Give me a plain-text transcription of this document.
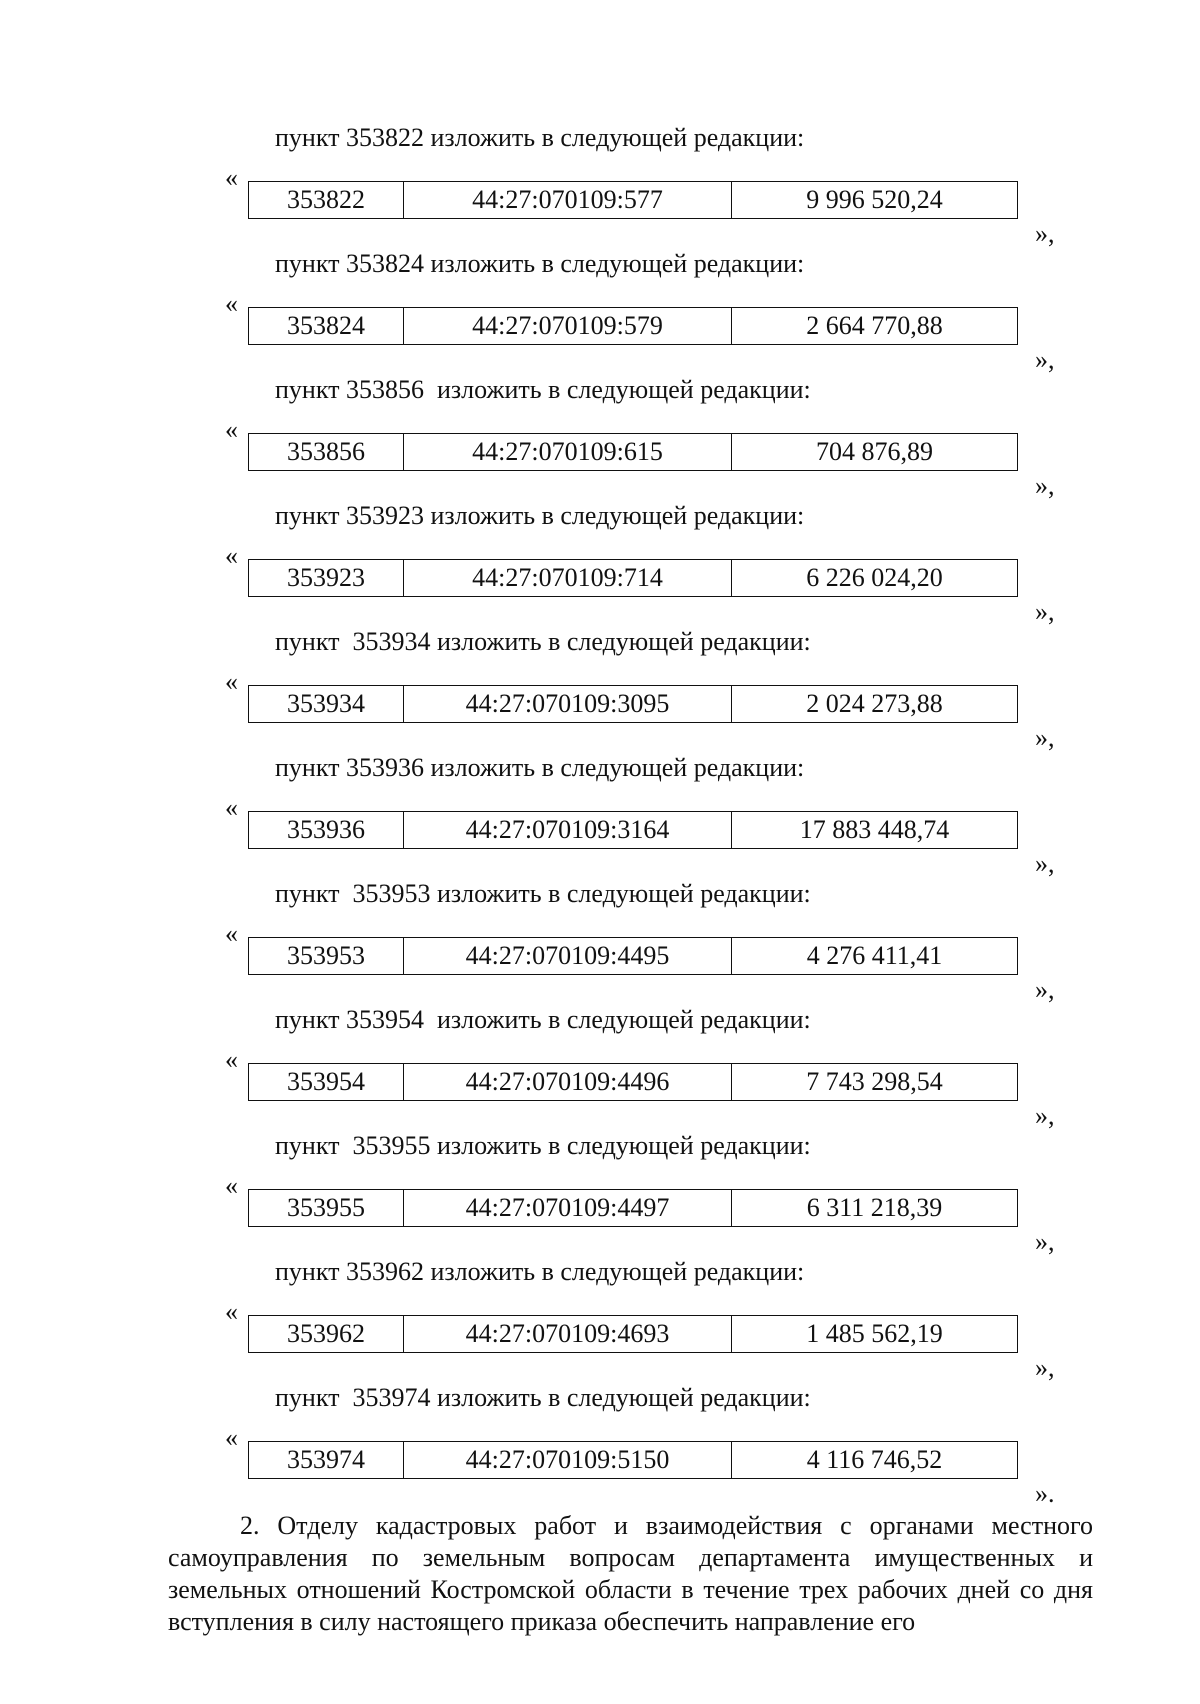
пункт 353822 изложить в следующей редакции:
«
353822	44:27:070109:577	9 996 520,24
»,
пункт 353824 изложить в следующей редакции:
«
353824	44:27:070109:579	2 664 770,88
»,
пункт 353856  изложить в следующей редакции:
«
353856	44:27:070109:615	704 876,89
»,
пункт 353923 изложить в следующей редакции:
«
353923	44:27:070109:714	6 226 024,20
»,
пункт  353934 изложить в следующей редакции:
«
353934	44:27:070109:3095	2 024 273,88
»,
пункт 353936 изложить в следующей редакции:
«
353936	44:27:070109:3164	17 883 448,74
»,
пункт  353953 изложить в следующей редакции:
«
353953	44:27:070109:4495	4 276 411,41
»,
пункт 353954  изложить в следующей редакции:
«
353954	44:27:070109:4496	7 743 298,54
»,
пункт  353955 изложить в следующей редакции:
«
353955	44:27:070109:4497	6 311 218,39
»,
пункт 353962 изложить в следующей редакции:
«
353962	44:27:070109:4693	1 485 562,19
»,
пункт  353974 изложить в следующей редакции:
«
353974	44:27:070109:5150	4 116 746,52
».
2. Отделу кадастровых работ и взаимодействия с органами местного самоуправления по земельным вопросам департамента имущественных и земельных отношений Костромской области в течение трех рабочих дней со дня вступления в силу настоящего приказа обеспечить направление его
